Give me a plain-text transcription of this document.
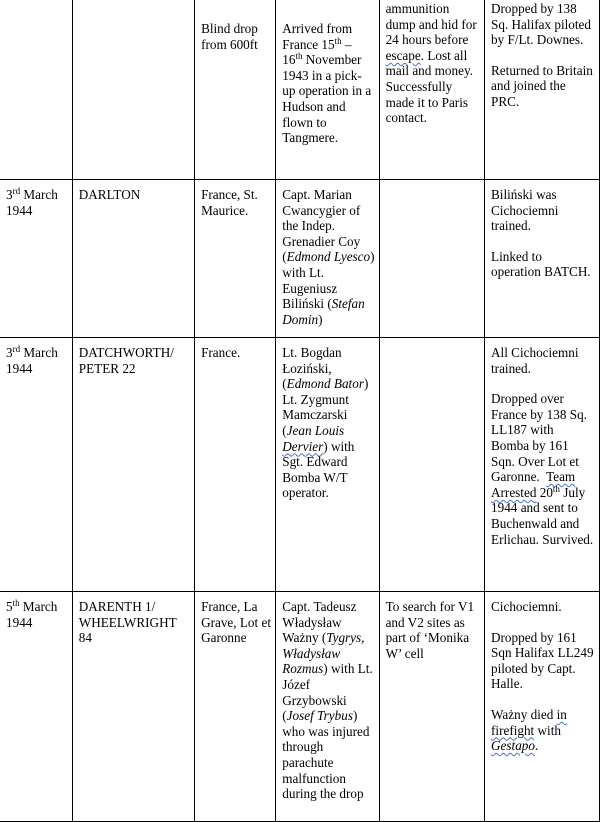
		Blind drop from 600ft	Arrived from France 15th – 16th November 1943 in a pick-up operation in a Hudson and flown to Tangmere.	ammunition dump and hid for 24 hours before escape. Lost all mail and money. Successfully made it to Paris contact.	Dropped by 138 Sq. Halifax piloted by F/Lt. Downes.

Returned to Britain and joined the PRC.

3rd March 1944	DARLTON	France, St. Maurice.	Capt. Marian Cwancygier of the Indep. Grenadier Coy (Edmond Lyesco) with Lt. Eugeniusz Biliński (Stefan Domin)		Biliński was Cichociemni trained.

Linked to operation BATCH.

3rd March 1944	DATCHWORTH/ PETER 22	France.	Lt. Bogdan Łoziński, (Edmond Bator) Lt. Zygmunt Mamczarski (Jean Louis Dervier) with Sgt. Edward Bomba W/T operator.		All Cichociemni trained.

Dropped over France by 138 Sq. LL187 with Bomba by 161 Sqn. Over Lot et Garonne.  Team Arrested 20th July 1944 and sent to Buchenwald and Erlichau. Survived.

5th March 1944	DARENTH 1/ WHEELWRIGHT 84	France, La Grave, Lot et Garonne	Capt. Tadeusz Władysław Ważny (Tygrys, Władysław Rozmus) with Lt. Józef Grzybowski (Josef Trybus) who was injured through parachute malfunction during the drop	To search for V1 and V2 sites as part of ‘Monika W’ cell	Cichociemni.

Dropped by 161 Sqn Halifax LL249 piloted by Capt. Halle.

Ważny died in firefight with Gestapo.
